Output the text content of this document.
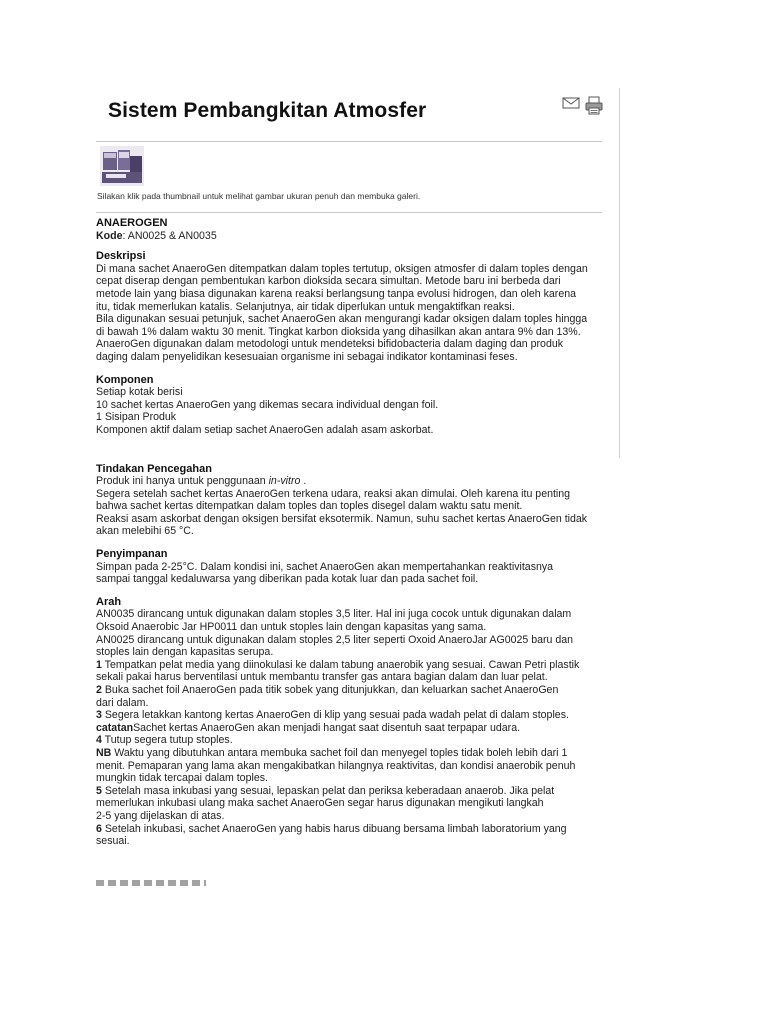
Sistem Pembangkitan Atmosfer
Silakan klik pada thumbnail untuk melihat gambar ukuran penuh dan membuka galeri.
ANAEROGEN
Kode: AN0025 & AN0035
Deskripsi

Di mana sachet AnaeroGen ditempatkan dalam toples tertutup, oksigen atmosfer di dalam toples dengan

cepat diserap dengan pembentukan karbon dioksida secara simultan. Metode baru ini berbeda dari

metode lain yang biasa digunakan karena reaksi berlangsung tanpa evolusi hidrogen, dan oleh karena

itu, tidak memerlukan katalis. Selanjutnya, air tidak diperlukan untuk mengaktifkan reaksi.

Bila digunakan sesuai petunjuk, sachet AnaeroGen akan mengurangi kadar oksigen dalam toples hingga

di bawah 1% dalam waktu 30 menit. Tingkat karbon dioksida yang dihasilkan akan antara 9% dan 13%.

AnaeroGen digunakan dalam metodologi untuk mendeteksi bifidobacteria dalam daging dan produk

daging dalam penyelidikan kesesuaian organisme ini sebagai indikator kontaminasi feses.

Komponen

Setiap kotak berisi

10 sachet kertas AnaeroGen yang dikemas secara individual dengan foil.

1 Sisipan Produk

Komponen aktif dalam setiap sachet AnaeroGen adalah asam askorbat.

Tindakan Pencegahan

Produk ini hanya untuk penggunaan in-vitro .

Segera setelah sachet kertas AnaeroGen terkena udara, reaksi akan dimulai. Oleh karena itu penting

bahwa sachet kertas ditempatkan dalam toples dan toples disegel dalam waktu satu menit.

Reaksi asam askorbat dengan oksigen bersifat eksotermik. Namun, suhu sachet kertas AnaeroGen tidak

akan melebihi 65 °C.

Penyimpanan

Simpan pada 2-25°C. Dalam kondisi ini, sachet AnaeroGen akan mempertahankan reaktivitasnya

sampai tanggal kedaluwarsa yang diberikan pada kotak luar dan pada sachet foil.

Arah

AN0035 dirancang untuk digunakan dalam stoples 3,5 liter. Hal ini juga cocok untuk digunakan dalam

Oksoid Anaerobic Jar HP0011 dan untuk stoples lain dengan kapasitas yang sama.

AN0025 dirancang untuk digunakan dalam stoples 2,5 liter seperti Oxoid AnaeroJar AG0025 baru dan

stoples lain dengan kapasitas serupa.

1 Tempatkan pelat media yang diinokulasi ke dalam tabung anaerobik yang sesuai. Cawan Petri plastik

sekali pakai harus berventilasi untuk membantu transfer gas antara bagian dalam dan luar pelat.

2 Buka sachet foil AnaeroGen pada titik sobek yang ditunjukkan, dan keluarkan sachet AnaeroGen

dari dalam.

3 Segera letakkan kantong kertas AnaeroGen di klip yang sesuai pada wadah pelat di dalam stoples.

catatanSachet kertas AnaeroGen akan menjadi hangat saat disentuh saat terpapar udara.

4 Tutup segera tutup stoples.

NB Waktu yang dibutuhkan antara membuka sachet foil dan menyegel toples tidak boleh lebih dari 1

menit. Pemaparan yang lama akan mengakibatkan hilangnya reaktivitas, dan kondisi anaerobik penuh

mungkin tidak tercapai dalam toples.

5 Setelah masa inkubasi yang sesuai, lepaskan pelat dan periksa keberadaan anaerob. Jika pelat

memerlukan inkubasi ulang maka sachet AnaeroGen segar harus digunakan mengikuti langkah

2-5 yang dijelaskan di atas.

6 Setelah inkubasi, sachet AnaeroGen yang habis harus dibuang bersama limbah laboratorium yang

sesuai.
